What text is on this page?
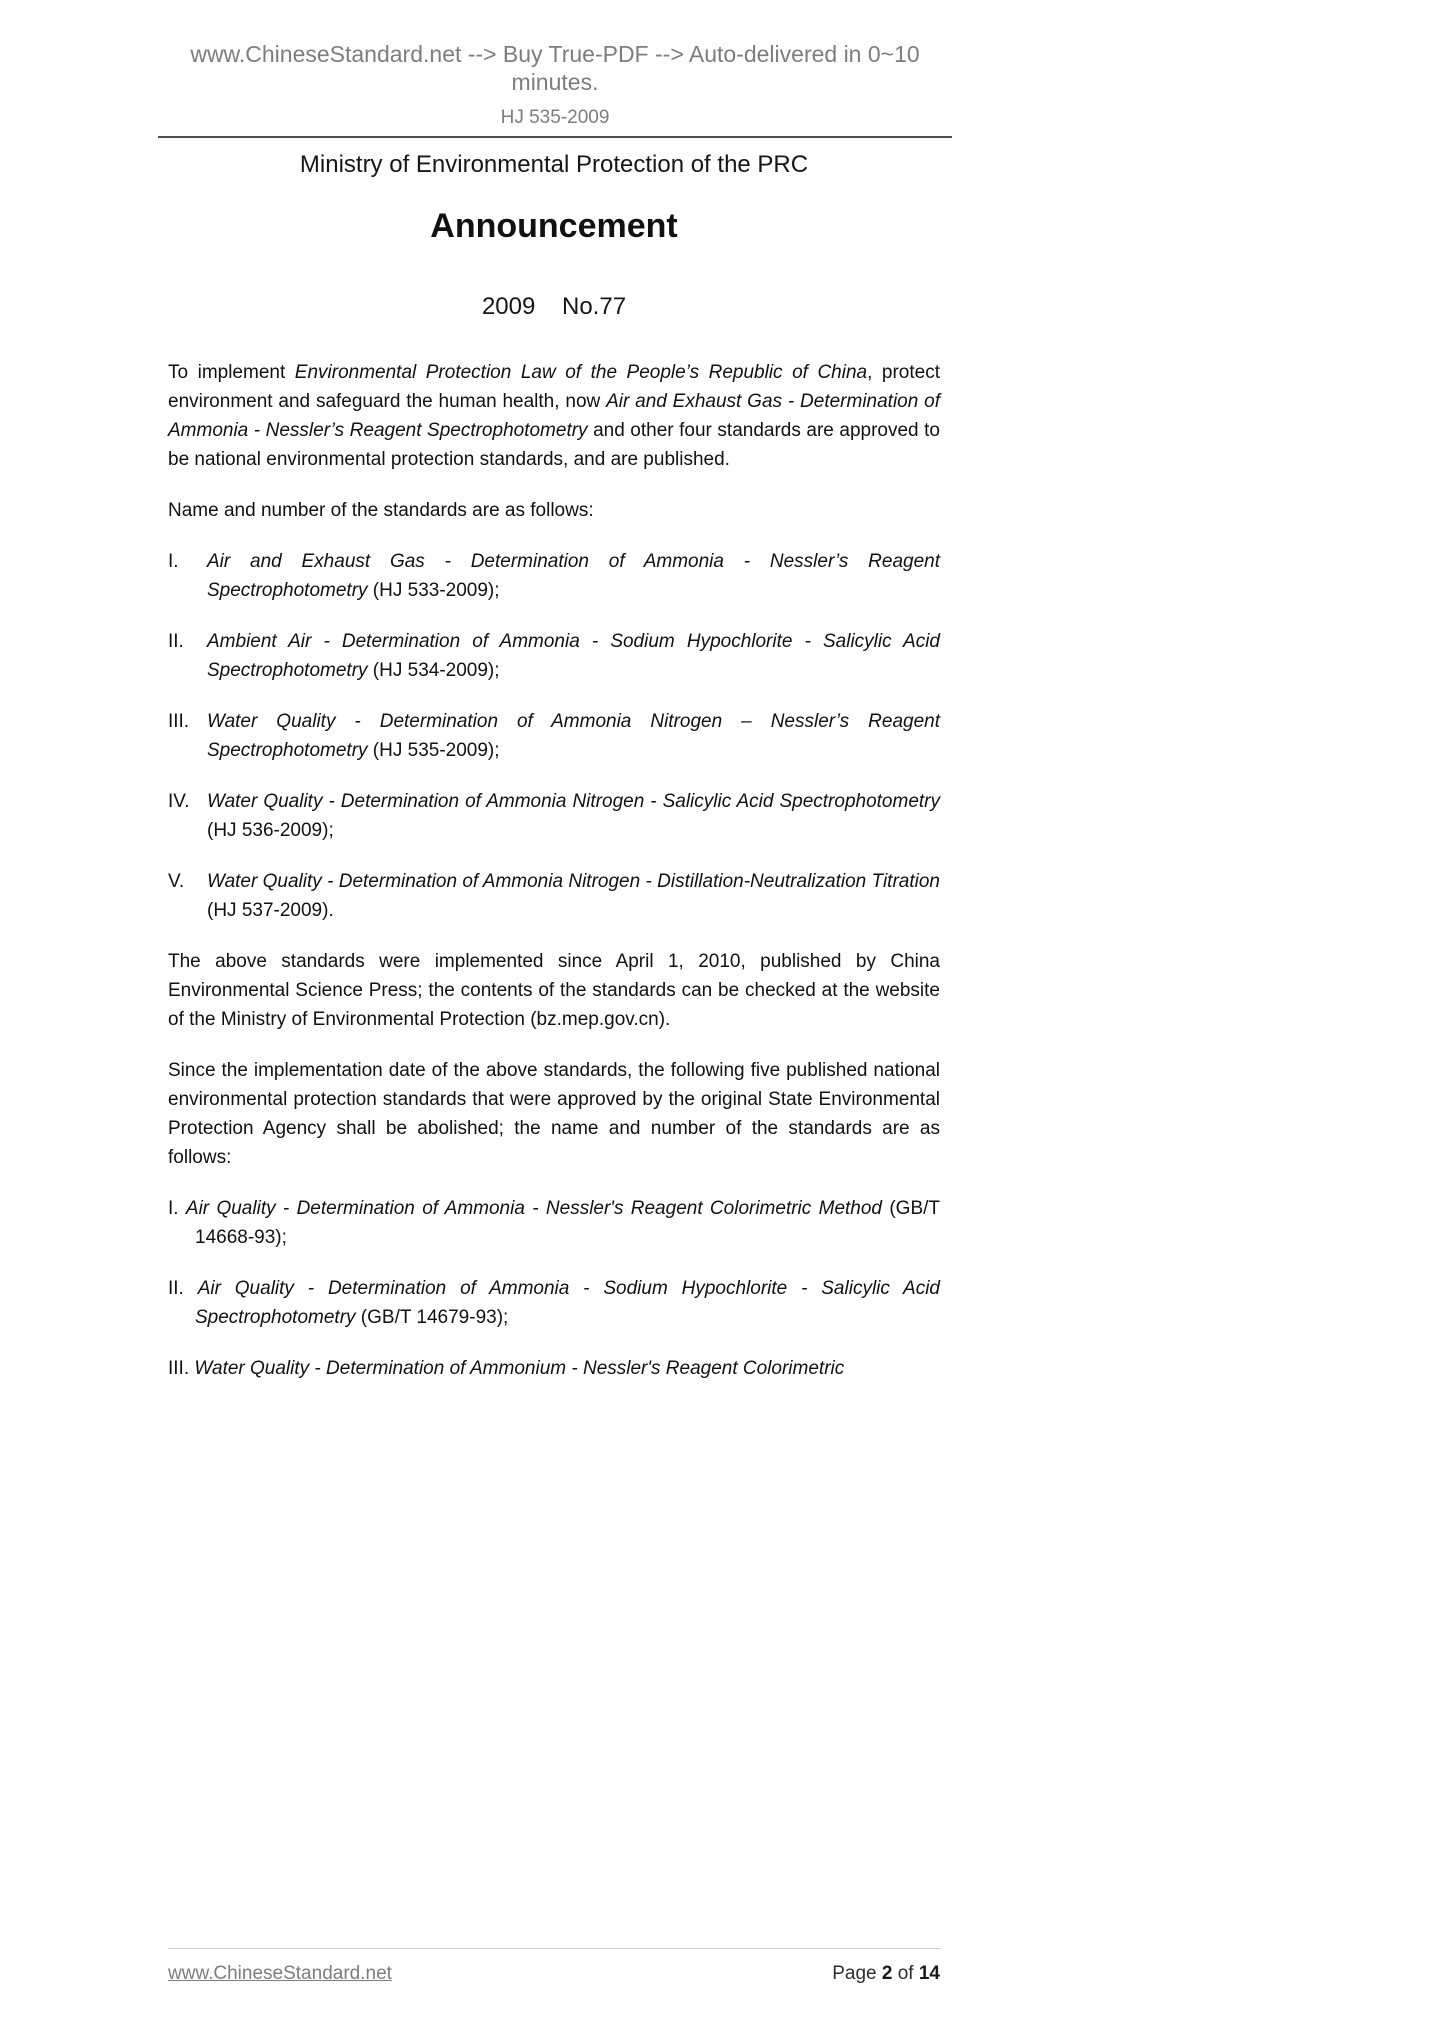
www.ChineseStandard.net --> Buy True-PDF --> Auto-delivered in 0~10 minutes.
HJ 535-2009
Ministry of Environmental Protection of the PRC
Announcement
2009    No.77
To implement Environmental Protection Law of the People’s Republic of China, protect environment and safeguard the human health, now Air and Exhaust Gas - Determination of Ammonia - Nessler’s Reagent Spectrophotometry and other four standards are approved to be national environmental protection standards, and are published.
Name and number of the standards are as follows:
I.	Air and Exhaust Gas - Determination of Ammonia - Nessler’s Reagent Spectrophotometry (HJ 533-2009);
II.	Ambient Air - Determination of Ammonia - Sodium Hypochlorite - Salicylic Acid Spectrophotometry (HJ 534-2009);
III. Water Quality - Determination of Ammonia Nitrogen – Nessler’s Reagent Spectrophotometry (HJ 535-2009);
IV. Water Quality - Determination of Ammonia Nitrogen - Salicylic Acid Spectrophotometry (HJ 536-2009);
V.	Water Quality - Determination of Ammonia Nitrogen - Distillation-Neutralization Titration (HJ 537-2009).
The above standards were implemented since April 1, 2010, published by China Environmental Science Press; the contents of the standards can be checked at the website of the Ministry of Environmental Protection (bz.mep.gov.cn).
Since the implementation date of the above standards, the following five published national environmental protection standards that were approved by the original State Environmental Protection Agency shall be abolished; the name and number of the standards are as follows:
I. Air Quality - Determination of Ammonia - Nessler's Reagent Colorimetric Method (GB/T 14668-93);
II. Air Quality - Determination of Ammonia - Sodium Hypochlorite - Salicylic Acid Spectrophotometry (GB/T 14679-93);
III. Water Quality - Determination of Ammonium - Nessler's Reagent Colorimetric
www.ChineseStandard.net	Page 2 of 14
